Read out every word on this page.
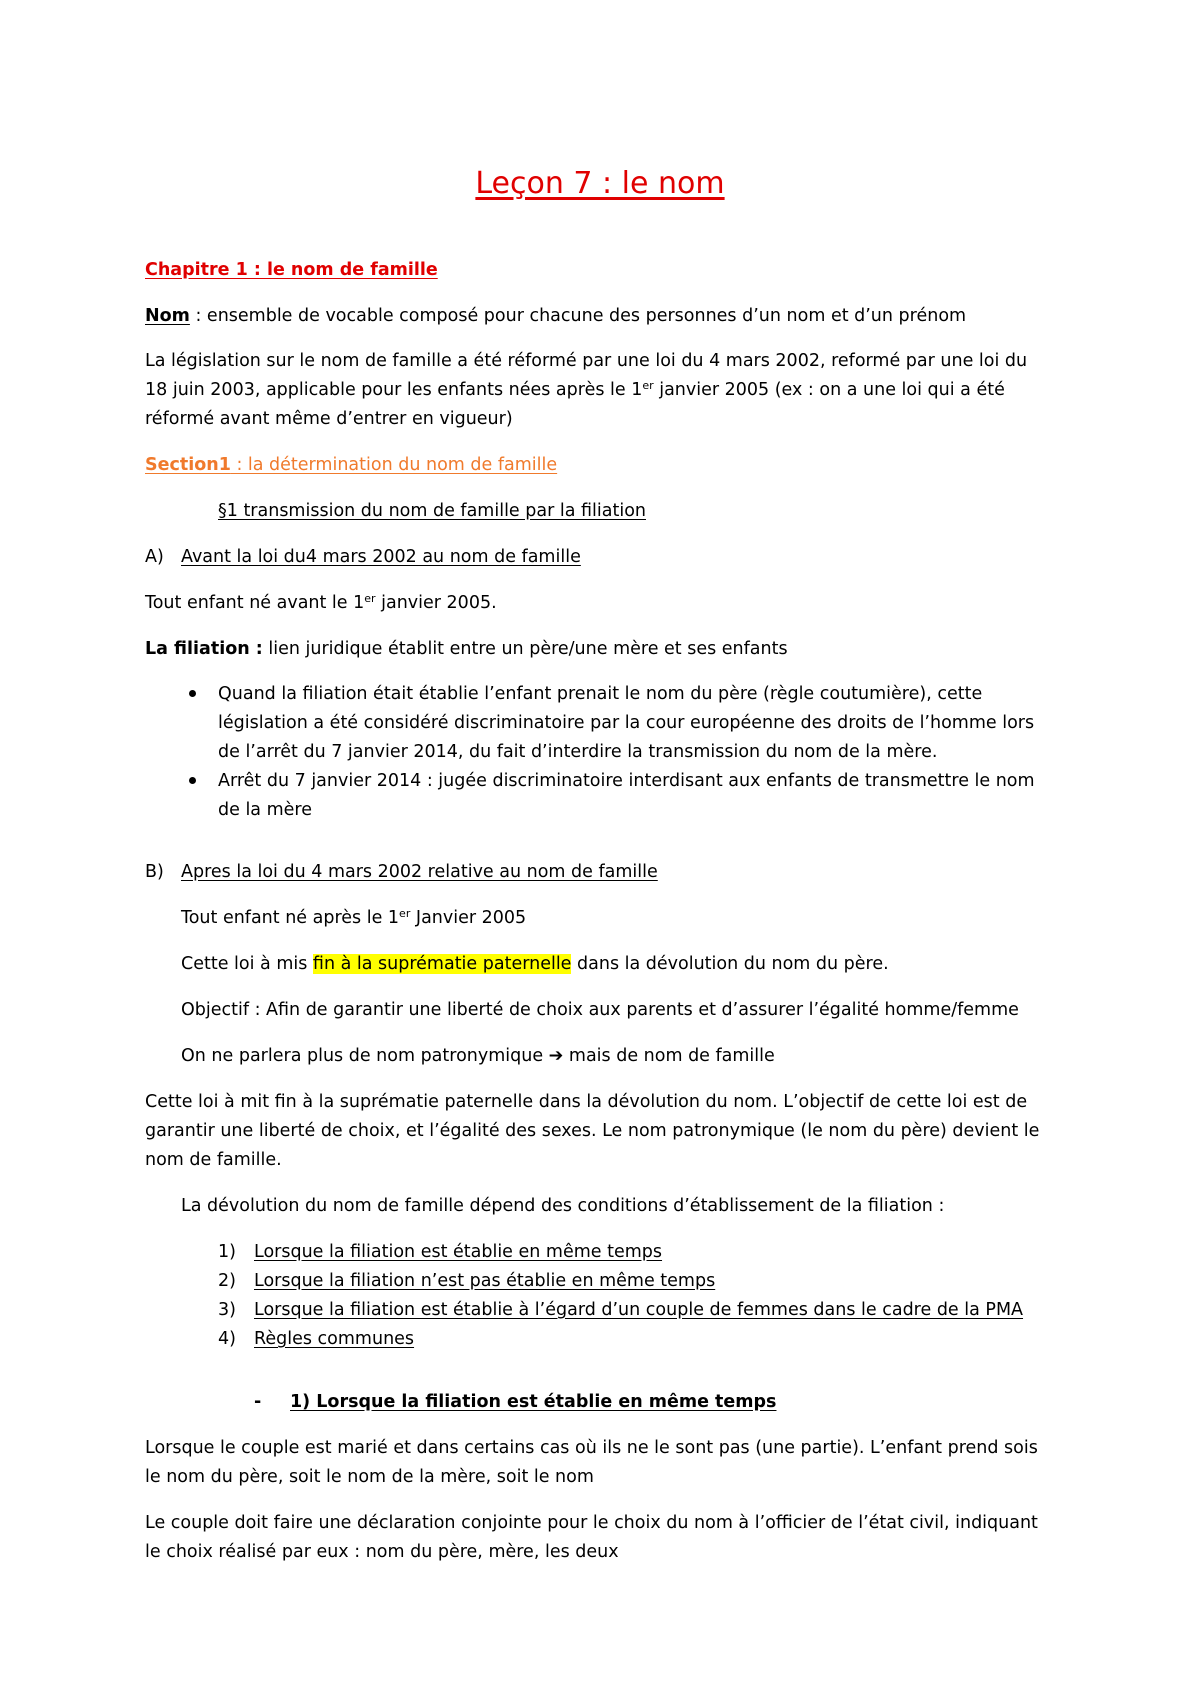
Leçon 7 : le nom
Chapitre 1 : le nom de famille
Nom : ensemble de vocable composé pour chacune des personnes d’un nom et d’un prénom
La législation sur le nom de famille a été réformé par une loi du 4 mars 2002, reformé par une loi du
18 juin 2003, applicable pour les enfants nées après le 1er janvier 2005 (ex : on a une loi qui a été
réformé avant même d’entrer en vigueur)
Section1 : la détermination du nom de famille
§1 transmission du nom de famille par la filiation
A) Avant la loi du4 mars 2002 au nom de famille
Tout enfant né avant le 1er janvier 2005.
La filiation : lien juridique établit entre un père/une mère et ses enfants
Quand la filiation était établie l’enfant prenait le nom du père (règle coutumière), cette
législation a été considéré discriminatoire par la cour européenne des droits de l’homme lors
de l’arrêt du 7 janvier 2014, du fait d’interdire la transmission du nom de la mère.
Arrêt du 7 janvier 2014 : jugée discriminatoire interdisant aux enfants de transmettre le nom
de la mère
B) Apres la loi du 4 mars 2002 relative au nom de famille
Tout enfant né après le 1er Janvier 2005
Cette loi à mis fin à la suprématie paternelle dans la dévolution du nom du père.
Objectif : Afin de garantir une liberté de choix aux parents et d’assurer l’égalité homme/femme
On ne parlera plus de nom patronymique ➔ mais de nom de famille
Cette loi à mit fin à la suprématie paternelle dans la dévolution du nom. L’objectif de cette loi est de
garantir une liberté de choix, et l’égalité des sexes. Le nom patronymique (le nom du père) devient le
nom de famille.
La dévolution du nom de famille dépend des conditions d’établissement de la filiation :
1) Lorsque la filiation est établie en même temps
2) Lorsque la filiation n’est pas établie en même temps
3) Lorsque la filiation est établie à l’égard d’un couple de femmes dans le cadre de la PMA
4) Règles communes
- 1) Lorsque la filiation est établie en même temps
Lorsque le couple est marié et dans certains cas où ils ne le sont pas (une partie). L’enfant prend sois
le nom du père, soit le nom de la mère, soit le nom
Le couple doit faire une déclaration conjointe pour le choix du nom à l’officier de l’état civil, indiquant
le choix réalisé par eux : nom du père, mère, les deux
